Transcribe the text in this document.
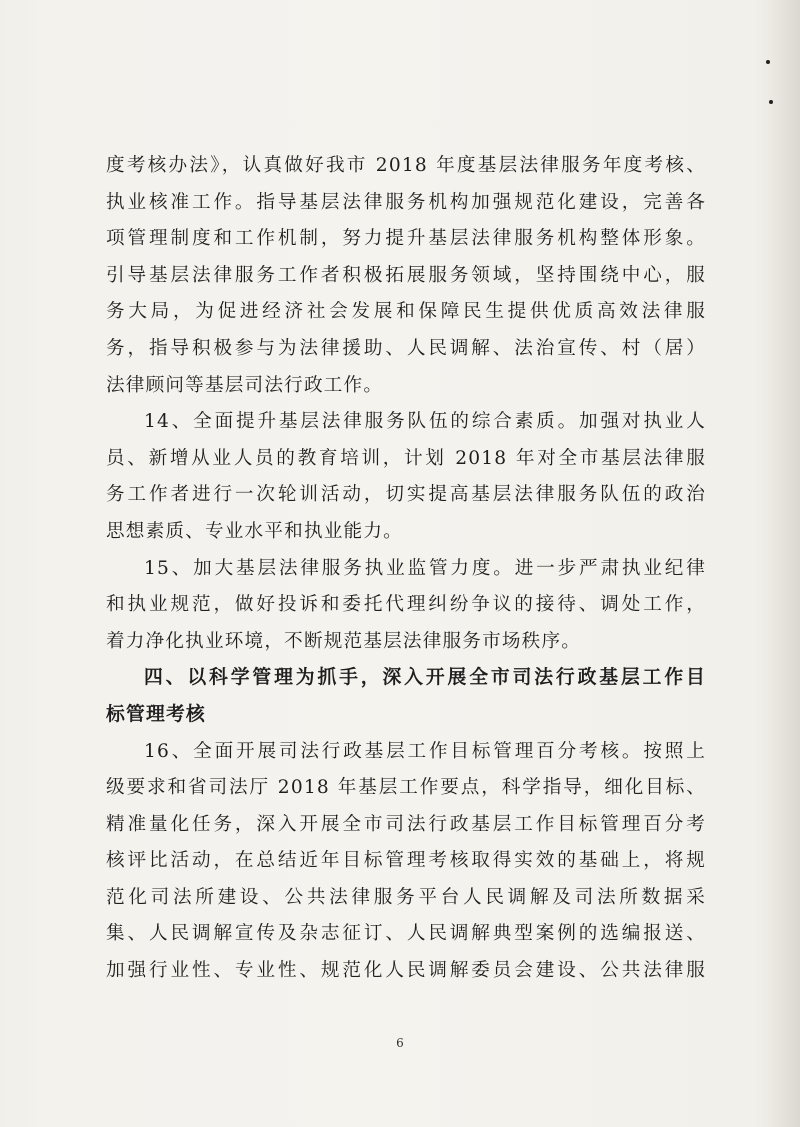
度考核办法》，认真做好我市 2018 年度基层法律服务年度考核、

执业核准工作。指导基层法律服务机构加强规范化建设，完善各

项管理制度和工作机制，努力提升基层法律服务机构整体形象。

引导基层法律服务工作者积极拓展服务领域，坚持围绕中心，服

务大局，为促进经济社会发展和保障民生提供优质高效法律服

务，指导积极参与为法律援助、人民调解、法治宣传、村（居）

法律顾问等基层司法行政工作。

14、全面提升基层法律服务队伍的综合素质。加强对执业人

员、新增从业人员的教育培训，计划 2018 年对全市基层法律服

务工作者进行一次轮训活动，切实提高基层法律服务队伍的政治

思想素质、专业水平和执业能力。

15、加大基层法律服务执业监管力度。进一步严肃执业纪律

和执业规范，做好投诉和委托代理纠纷争议的接待、调处工作，

着力净化执业环境，不断规范基层法律服务市场秩序。

四、以科学管理为抓手，深入开展全市司法行政基层工作目

标管理考核

16、全面开展司法行政基层工作目标管理百分考核。按照上

级要求和省司法厅 2018 年基层工作要点，科学指导，细化目标、

精准量化任务，深入开展全市司法行政基层工作目标管理百分考

核评比活动，在总结近年目标管理考核取得实效的基础上，将规

范化司法所建设、公共法律服务平台人民调解及司法所数据采

集、人民调解宣传及杂志征订、人民调解典型案例的选编报送、

加强行业性、专业性、规范化人民调解委员会建设、公共法律服

6
